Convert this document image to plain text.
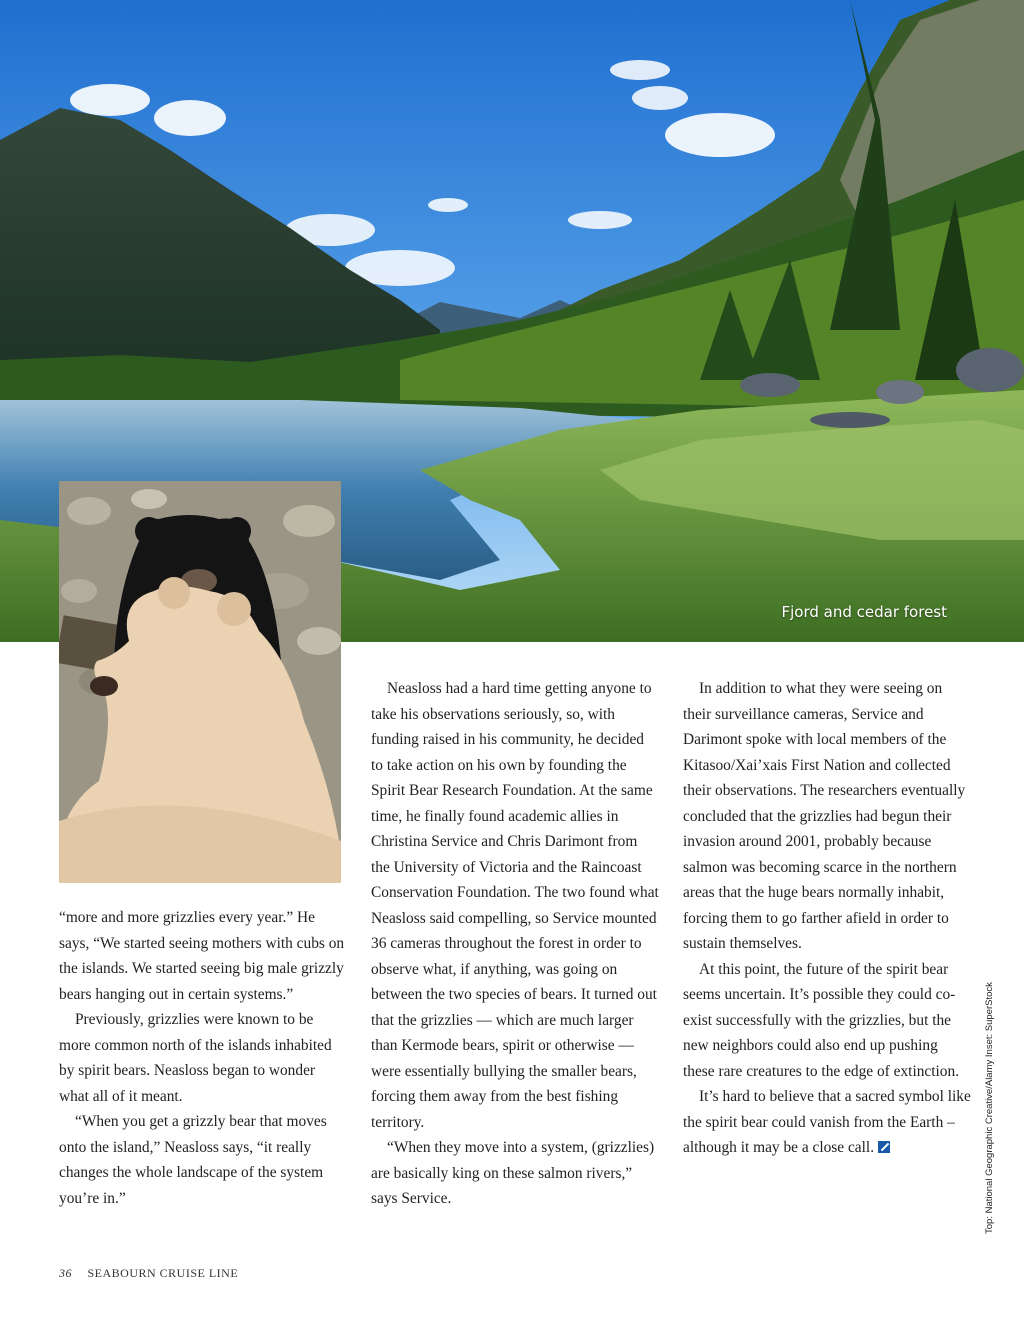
Fjord and cedar forest

“more and more grizzlies every year.” He says, “We started seeing mothers with cubs on the islands. We started seeing big male grizzly bears hanging out in certain systems.”

Previously, grizzlies were known to be more common north of the islands inhabited by spirit bears. Neasloss began to wonder what all of it meant.

“When you get a grizzly bear that moves onto the island,” Neasloss says, “it really changes the whole landscape of the system you’re in.”

Neasloss had a hard time getting anyone to take his observations seriously, so, with funding raised in his community, he decided to take action on his own by founding the Spirit Bear Research Foundation. At the same time, he finally found academic allies in Christina Service and Chris Darimont from the University of Victoria and the Raincoast Conservation Foundation. The two found what Neasloss said compelling, so Service mounted 36 cameras throughout the forest in order to observe what, if anything, was going on between the two species of bears. It turned out that the grizzlies — which are much larger than Kermode bears, spirit or otherwise — were essentially bullying the smaller bears, forcing them away from the best fishing territory.

“When they move into a system, (grizzlies) are basically king on these salmon rivers,” says Service.

In addition to what they were seeing on their surveillance cameras, Service and Darimont spoke with local members of the Kitasoo/Xai’xais First Nation and collected their observations. The researchers eventually concluded that the grizzlies had begun their invasion around 2001, probably because salmon was becoming scarce in the northern areas that the huge bears normally inhabit, forcing them to go farther afield in order to sustain themselves.

At this point, the future of the spirit bear seems uncertain. It’s possible they could co-exist successfully with the grizzlies, but the new neighbors could also end up pushing these rare creatures to the edge of extinction.

It’s hard to believe that a sacred symbol like the spirit bear could vanish from the Earth – although it may be a close call.

36 SEABOURN CRUISE LINE
Top: National Geographic Creative/Alamy Inset: SuperStock
